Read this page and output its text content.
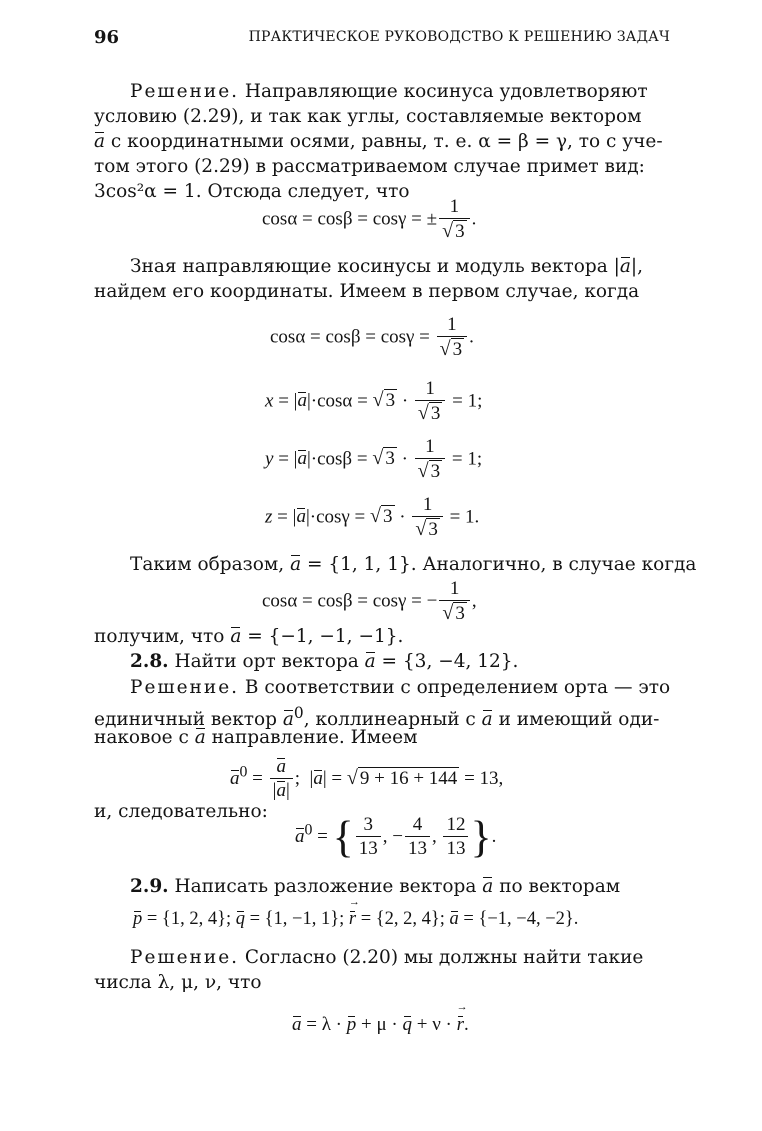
96	ПРАКТИЧЕСКОЕ РУКОВОДСТВО К РЕШЕНИЮ ЗАДАЧ
Решение. Направляющие косинуса удовлетворяют
условию (2.29), и так как углы, составляемые вектором
a с координатными осями, равны, т. е. α = β = γ, то с уче-
том этого (2.29) в рассматриваемом случае примет вид:
3cos²α = 1. Отсюда следует, что
cosα = cosβ = cosγ = ± $\frac{1}{√ 3}$ .
Зная направляющие косинусы и модуль вектора |a|,
найдем его координаты. Имеем в первом случае, когда
$\cos\alpha = \cos\beta = \cos\gamma = \frac{1}{√ 3}$ .
x = |a|·cosα = √ $3 \cdot \frac{1}{√ 3} = 1$;
y = |a|·cosβ = √ $3 \cdot \frac{1}{√ 3} = 1$;
z = |a|·cosγ = √ $3 \cdot \frac{1}{√ 3} = 1$.
Таким образом, a = {1, 1, 1}. Аналогично, в случае когда
cosα = cosβ = cosγ = − $\frac{1}{√ 3}$ ,
получим, что a = {−1, −1, −1}.
2.8. Найти орт вектора a = {3, −4, 12}.
Решение. В соответствии с определением орта — это
единичный вектор $a^0$, коллинеарный с a и имеющий оди-
наковое с a направление. Имеем
$a^0 = \frac{a}{|a|}$ ;  |a| = √ 9 + 16 + 144 = 13,
и, следовательно:
$a^0$ = { $\frac{3}{13}$ , − $\frac{4}{13}$ , $\frac{12}{13}$ }.
2.9. Написать разложение вектора a по векторам
p = {1, 2, 4}; q = {1, −1, 1}; → r = {2, 2, 4}; a = {−1, −4, −2}.
Решение. Согласно (2.20) мы должны найти такие
числа λ, μ, ν, что
a = λ · p + μ · q + ν · → r.
